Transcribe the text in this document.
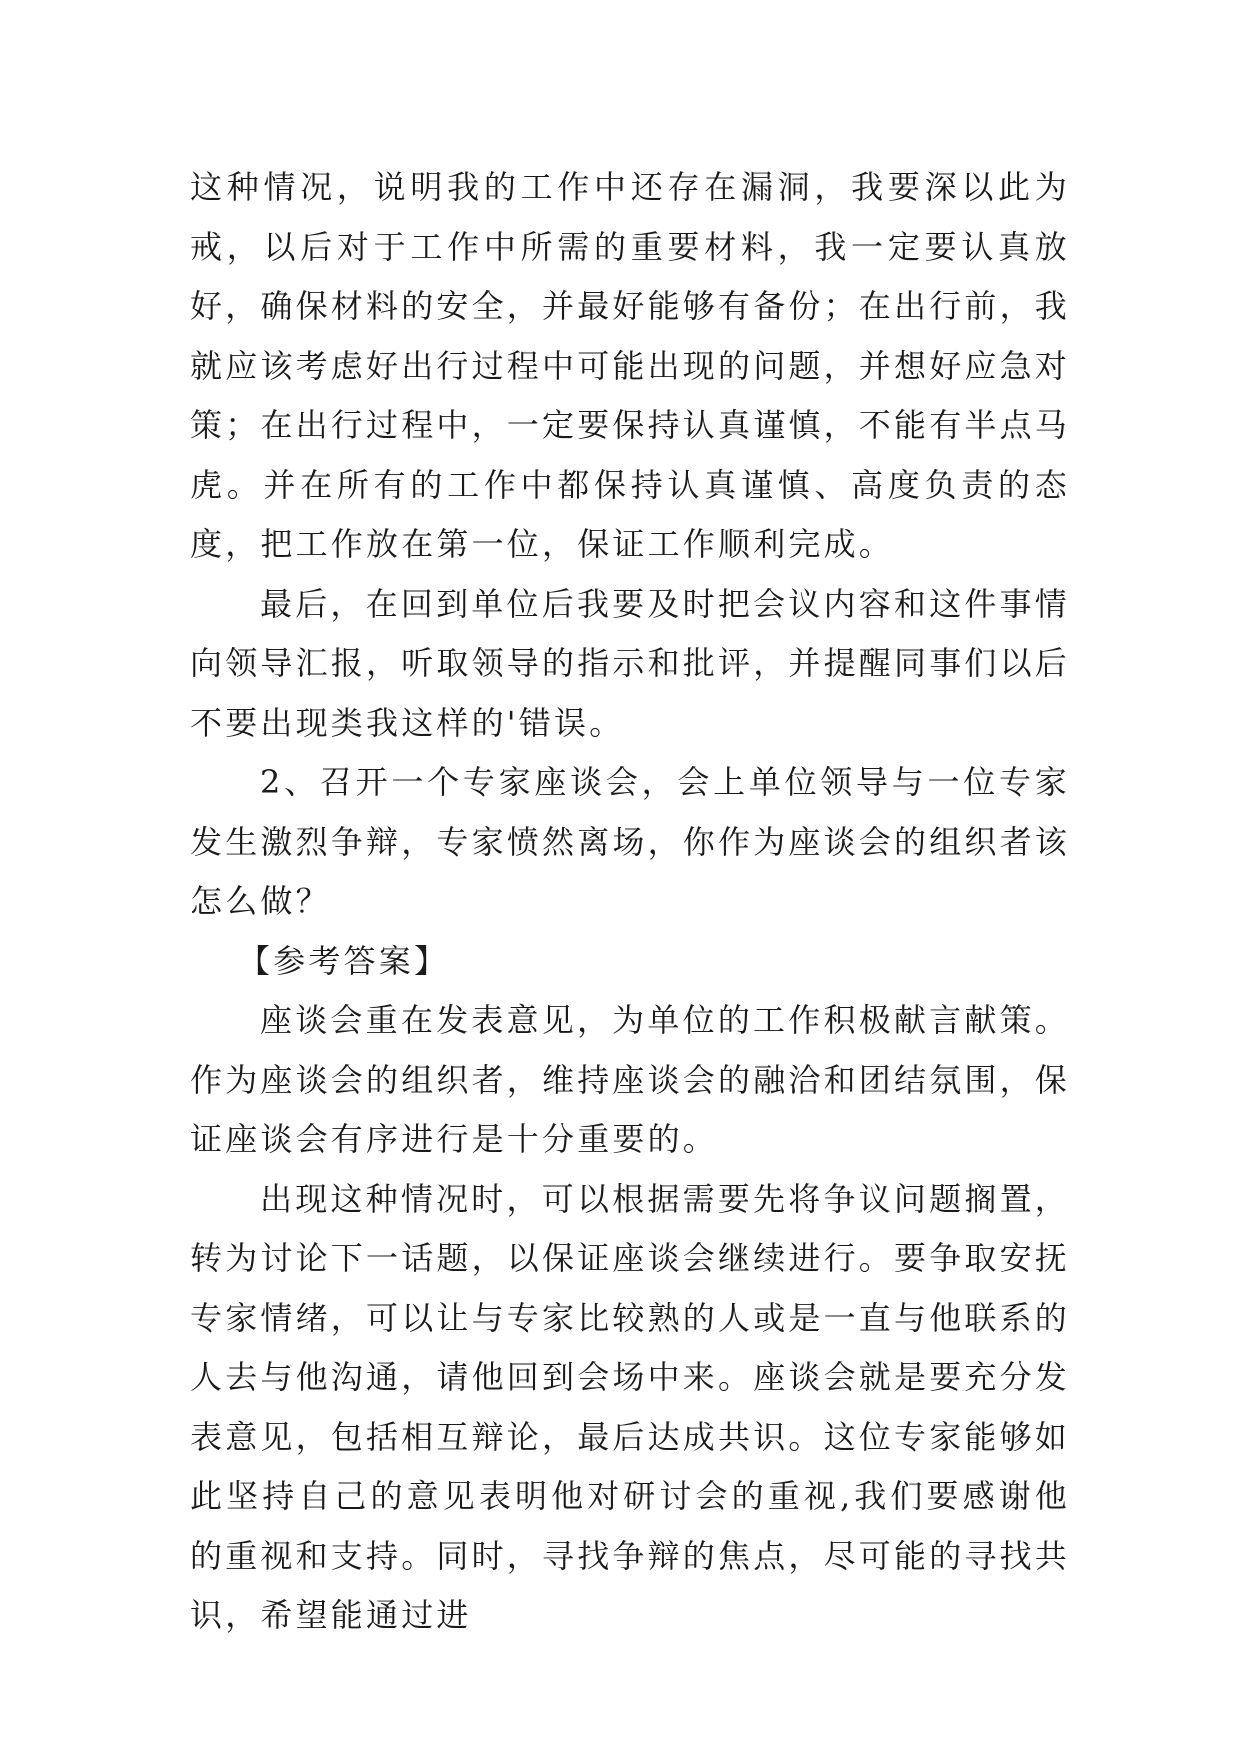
这种情况，说明我的工作中还存在漏洞，我要深以此为戒，以后对于工作中所需的重要材料，我一定要认真放好，确保材料的安全，并最好能够有备份；在出行前，我就应该考虑好出行过程中可能出现的问题，并想好应急对策；在出行过程中，一定要保持认真谨慎，不能有半点马虎。并在所有的工作中都保持认真谨慎、高度负责的态度，把工作放在第一位，保证工作顺利完成。

最后，在回到单位后我要及时把会议内容和这件事情向领导汇报，听取领导的指示和批评，并提醒同事们以后不要出现类我这样的'错误。

2、召开一个专家座谈会，会上单位领导与一位专家发生激烈争辩，专家愤然离场，你作为座谈会的组织者该怎么做？

【参考答案】

座谈会重在发表意见，为单位的工作积极献言献策。作为座谈会的组织者，维持座谈会的融洽和团结氛围，保证座谈会有序进行是十分重要的。

出现这种情况时，可以根据需要先将争议问题搁置，转为讨论下一话题，以保证座谈会继续进行。要争取安抚专家情绪，可以让与专家比较熟的人或是一直与他联系的人去与他沟通，请他回到会场中来。座谈会就是要充分发表意见，包括相互辩论，最后达成共识。这位专家能够如此坚持自己的意见表明他对研讨会的重视,我们要感谢他的重视和支持。同时，寻找争辩的焦点，尽可能的寻找共识，希望能通过进
